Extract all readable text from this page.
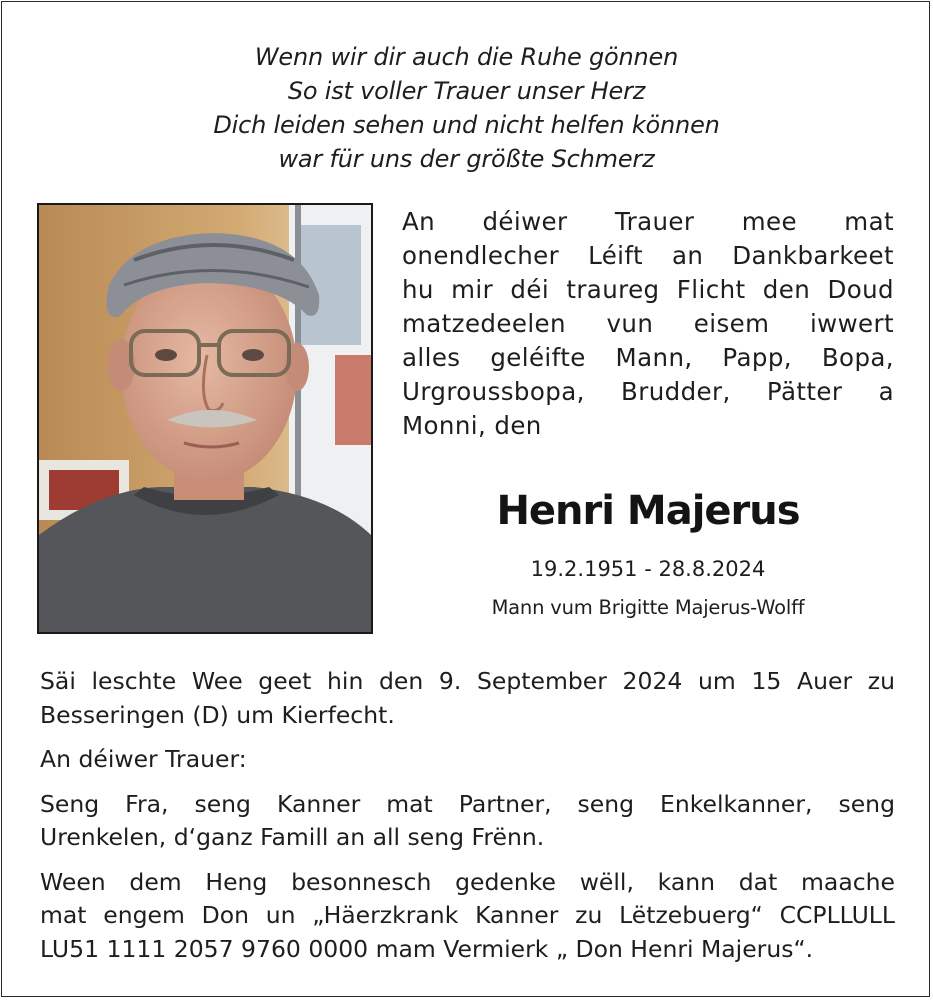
Wenn wir dir auch die Ruhe gönnen
So ist voller Trauer unser Herz
Dich leiden sehen und nicht helfen können
war für uns der größte Schmerz
An déiwer Trauer mee mat
onendlecher Léift an Dankbarkeet
hu mir déi traureg Flicht den Doud
matzedeelen vun eisem iwwert
alles geléifte Mann, Papp, Bopa,
Urgroussbopa, Brudder, Pätter a
Monni, den
Henri Majerus
19.2.1951 - 28.8.2024
Mann vum Brigitte Majerus-Wolff

Säi leschte Wee geet hin den 9. September 2024 um 15 Auer zu
Besseringen (D) um Kierfecht.

An déiwer Trauer:

Seng Fra, seng Kanner mat Partner, seng Enkelkanner, seng
Urenkelen, d‘ganz Famill an all seng Frënn.

Ween dem Heng besonnesch gedenke wëll, kann dat maache
mat engem Don un „Häerzkrank Kanner zu Lëtzebuerg“ CCPLLULL
LU51 1111 2057 9760 0000 mam Vermierk „ Don Henri Majerus“.
